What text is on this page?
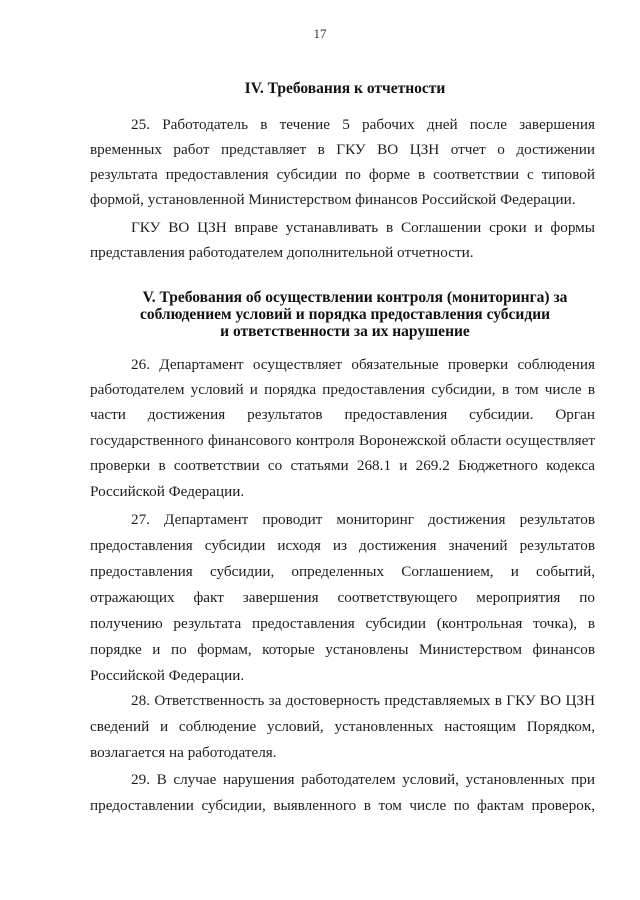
17
IV. Требования к отчетности
25. Работодатель в течение 5 рабочих дней после завершения
временных работ представляет в ГКУ ВО ЦЗН отчет о достижении
результата предоставления субсидии по форме в соответствии с типовой
формой, установленной Министерством финансов Российской Федерации.
ГКУ ВО ЦЗН вправе устанавливать в Соглашении сроки и формы
представления работодателем дополнительной отчетности.
V. Требования об осуществлении контроля (мониторинга) за
соблюдением условий и порядка предоставления субсидии
и ответственности за их нарушение
26. Департамент осуществляет обязательные проверки соблюдения
работодателем условий и порядка предоставления субсидии, в том числе в
части достижения результатов предоставления субсидии. Орган
государственного финансового контроля Воронежской области осуществляет
проверки в соответствии со статьями 268.1 и 269.2 Бюджетного кодекса
Российской Федерации.
27. Департамент проводит мониторинг достижения результатов
предоставления субсидии исходя из достижения значений результатов
предоставления субсидии, определенных Соглашением, и событий,
отражающих факт завершения соответствующего мероприятия по
получению результата предоставления субсидии (контрольная точка), в
порядке и по формам, которые установлены Министерством финансов
Российской Федерации.
28. Ответственность за достоверность представляемых в ГКУ ВО ЦЗН
сведений и соблюдение условий, установленных настоящим Порядком,
возлагается на работодателя.
29. В случае нарушения работодателем условий, установленных при
предоставлении субсидии, выявленного в том числе по фактам проверок,
